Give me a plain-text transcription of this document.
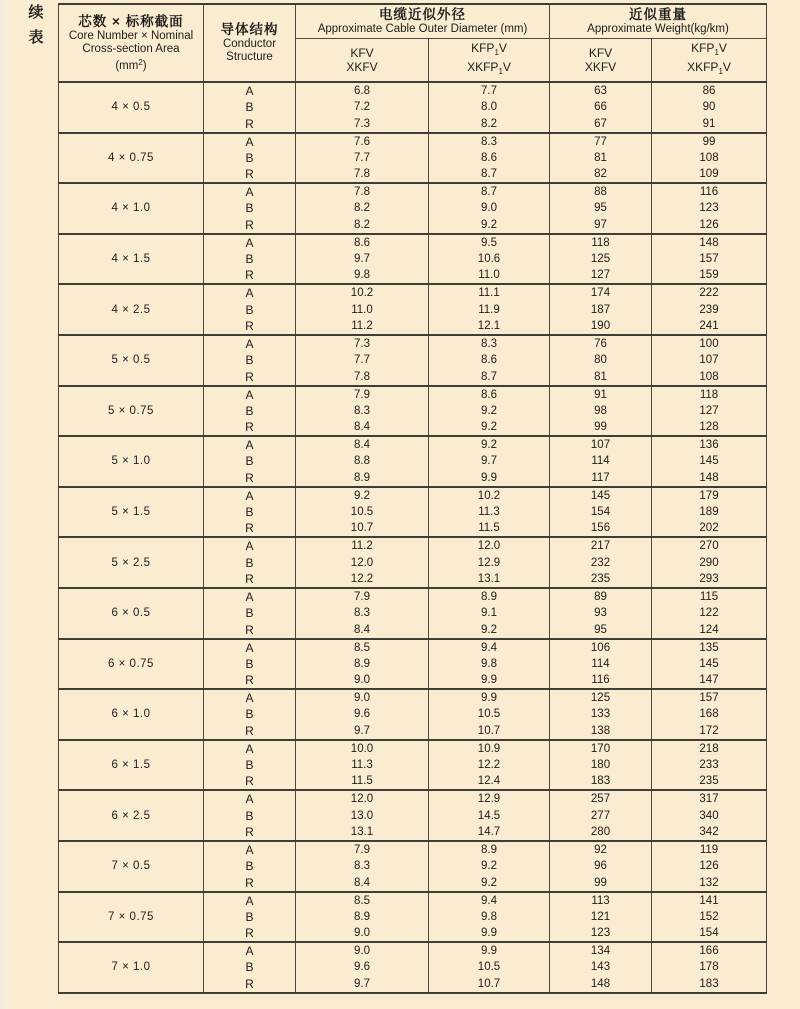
续
表
芯数 × 标称截面
Core Number × Nominal
Cross-section Area
$(mm^2)$

导体结构
Conductor
Structure

电缆近似外径
Approximate Cable Outer Diameter (mm)

近似重量
Approximate Weight(kg/km)

KFV
XKFV

$KFP_1V$
$XKFP_1V$

KFV
XKFV

$KFP_1V$
$XKFP_1V$

4 × 0.5	A	6.8	7.7	63	86
	B	7.2	8.0	66	90
	R	7.3	8.2	67	91
4 × 0.75	A	7.6	8.3	77	99
	B	7.7	8.6	81	108
	R	7.8	8.7	82	109
4 × 1.0	A	7.8	8.7	88	116
	B	8.2	9.0	95	123
	R	8.2	9.2	97	126
4 × 1.5	A	8.6	9.5	118	148
	B	9.7	10.6	125	157
	R	9.8	11.0	127	159
4 × 2.5	A	10.2	11.1	174	222
	B	11.0	11.9	187	239
	R	11.2	12.1	190	241
5 × 0.5	A	7.3	8.3	76	100
	B	7.7	8.6	80	107
	R	7.8	8.7	81	108
5 × 0.75	A	7.9	8.6	91	118
	B	8.3	9.2	98	127
	R	8.4	9.2	99	128
5 × 1.0	A	8.4	9.2	107	136
	B	8.8	9.7	114	145
	R	8.9	9.9	117	148
5 × 1.5	A	9.2	10.2	145	179
	B	10.5	11.3	154	189
	R	10.7	11.5	156	202
5 × 2.5	A	11.2	12.0	217	270
	B	12.0	12.9	232	290
	R	12.2	13.1	235	293
6 × 0.5	A	7.9	8.9	89	115
	B	8.3	9.1	93	122
	R	8.4	9.2	95	124
6 × 0.75	A	8.5	9.4	106	135
	B	8.9	9.8	114	145
	R	9.0	9.9	116	147
6 × 1.0	A	9.0	9.9	125	157
	B	9.6	10.5	133	168
	R	9.7	10.7	138	172
6 × 1.5	A	10.0	10.9	170	218
	B	11.3	12.2	180	233
	R	11.5	12.4	183	235
6 × 2.5	A	12.0	12.9	257	317
	B	13.0	14.5	277	340
	R	13.1	14.7	280	342
7 × 0.5	A	7.9	8.9	92	119
	B	8.3	9.2	96	126
	R	8.4	9.2	99	132
7 × 0.75	A	8.5	9.4	113	141
	B	8.9	9.8	121	152
	R	9.0	9.9	123	154
7 × 1.0	A	9.0	9.9	134	166
	B	9.6	10.5	143	178
	R	9.7	10.7	148	183
